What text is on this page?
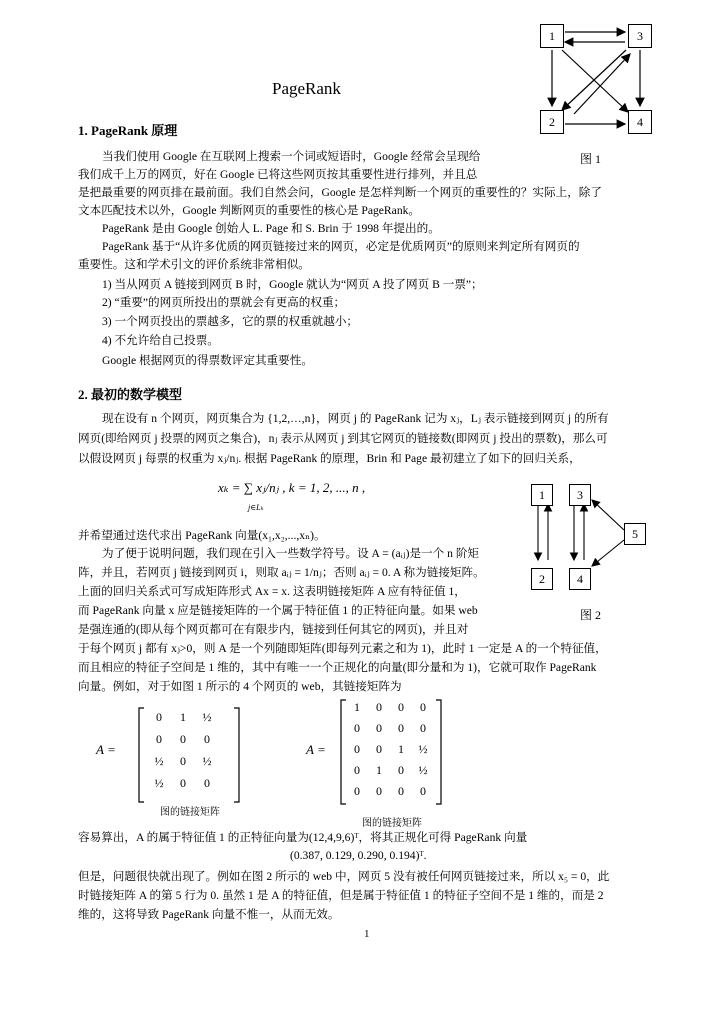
1	3
2	4
图 1
PageRank
1. PageRank 原理
当我们使用 Google 在互联网上搜索一个词或短语时，Google 经常会呈现给
我们成千上万的网页，好在 Google 已将这些网页按其重要性进行排列，并且总
是把最重要的网页排在最前面。我们自然会问，Google 是怎样判断一个网页的重要性的？实际上，除了
文本匹配技术以外，Google 判断网页的重要性的核心是 PageRank。
PageRank 是由 Google 创始人 L. Page 和 S. Brin 于 1998 年提出的。
PageRank 基于“从许多优质的网页链接过来的网页，必定是优质网页”的原则来判定所有网页的
重要性。这和学术引文的评价系统非常相似。
1) 当从网页 A 链接到网页 B 时，Google 就认为“网页 A 投了网页 B 一票”；
2) “重要”的网页所投出的票就会有更高的权重；
3) 一个网页投出的票越多，它的票的权重就越小；
4) 不允许给自己投票。
Google 根据网页的得票数评定其重要性。
2. 最初的数学模型
现在设有 n 个网页，网页集合为 {1,2,…,n}，网页 j 的 PageRank 记为 xⱼ，Lⱼ 表示链接到网页 j 的所有
网页(即给网页 j 投票的网页之集合)，nⱼ 表示从网页 j 到其它网页的链接数(即网页 j 投出的票数)，那么可
以假设网页 j 每票的权重为 xⱼ/nⱼ. 根据 PageRank 的原理，Brin 和 Page 最初建立了如下的回归关系，
xₖ = ∑ xⱼ/nⱼ , k = 1, 2, ..., n ,
j∈Lₖ
1	3
2	4
5
图 2
并希望通过迭代求出 PageRank 向量(x₁,x₂,...,xₙ)。
为了便于说明问题，我们现在引入一些数学符号。设 A = (aᵢⱼ)是一个 n 阶矩
阵，并且，若网页 j 链接到网页 i，则取 aᵢⱼ = 1/nⱼ；否则 aᵢⱼ = 0. A 称为链接矩阵。
上面的回归关系式可写成矩阵形式 Ax = x. 这表明链接矩阵 A 应有特征值 1，
而 PageRank 向量 x 应是链接矩阵的一个属于特征值 1 的正特征向量。如果 web
是强连通的(即从每个网页都可在有限步内，链接到任何其它的网页)，并且对
于每个网页 j 都有 xⱼ>0，则 A 是一个列随即矩阵(即每列元素之和为 1)，此时 1 一定是 A 的一个特征值，
而且相应的特征子空间是 1 维的，其中有唯一一个正规化的向量(即分量和为 1)，它就可取作 PageRank
向量。例如，对于如图 1 所示的 4 个网页的 web，其链接矩阵为
A =
0	1	½
0	0	0
½	0	½
½	0	0
图的链接矩阵
A =
1	0	0	0
0	0	0	0
0	0	1	½
0	1	0	½
0	0	0	0
图的链接矩阵
容易算出，A 的属于特征值 1 的正特征向量为(12,4,9,6)ᵀ，将其正规化可得 PageRank 向量
(0.387, 0.129, 0.290, 0.194)ᵀ.
但是，问题很快就出现了。例如在图 2 所示的 web 中，网页 5 没有被任何网页链接过来，所以 x₅ = 0，此
时链接矩阵 A 的第 5 行为 0. 虽然 1 是 A 的特征值，但是属于特征值 1 的特征子空间不是 1 维的，而是 2
维的，这将导致 PageRank 向量不惟一，从而无效。
1
